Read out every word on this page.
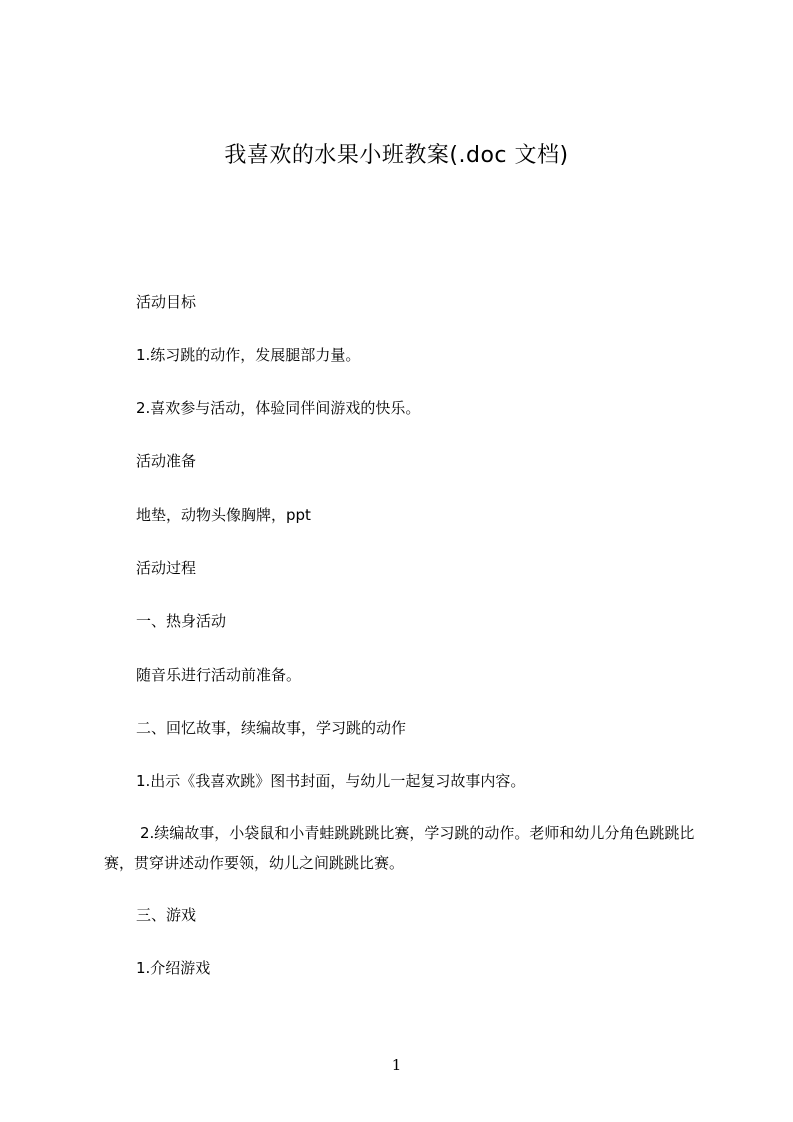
我喜欢的水果小班教案(.doc 文档)
活动目标
1.练习跳的动作，发展腿部力量。
2.喜欢参与活动，体验同伴间游戏的快乐。
活动准备
地垫，动物头像胸牌，ppt
活动过程
一、热身活动
随音乐进行活动前准备。
二、回忆故事，续编故事，学习跳的动作
1.出示《我喜欢跳》图书封面，与幼儿一起复习故事内容。
2.续编故事，小袋鼠和小青蛙跳跳跳比赛，学习跳的动作。老师和幼儿分角色跳跳比赛，贯穿讲述动作要领，幼儿之间跳跳比赛。
三、游戏
1.介绍游戏
1
